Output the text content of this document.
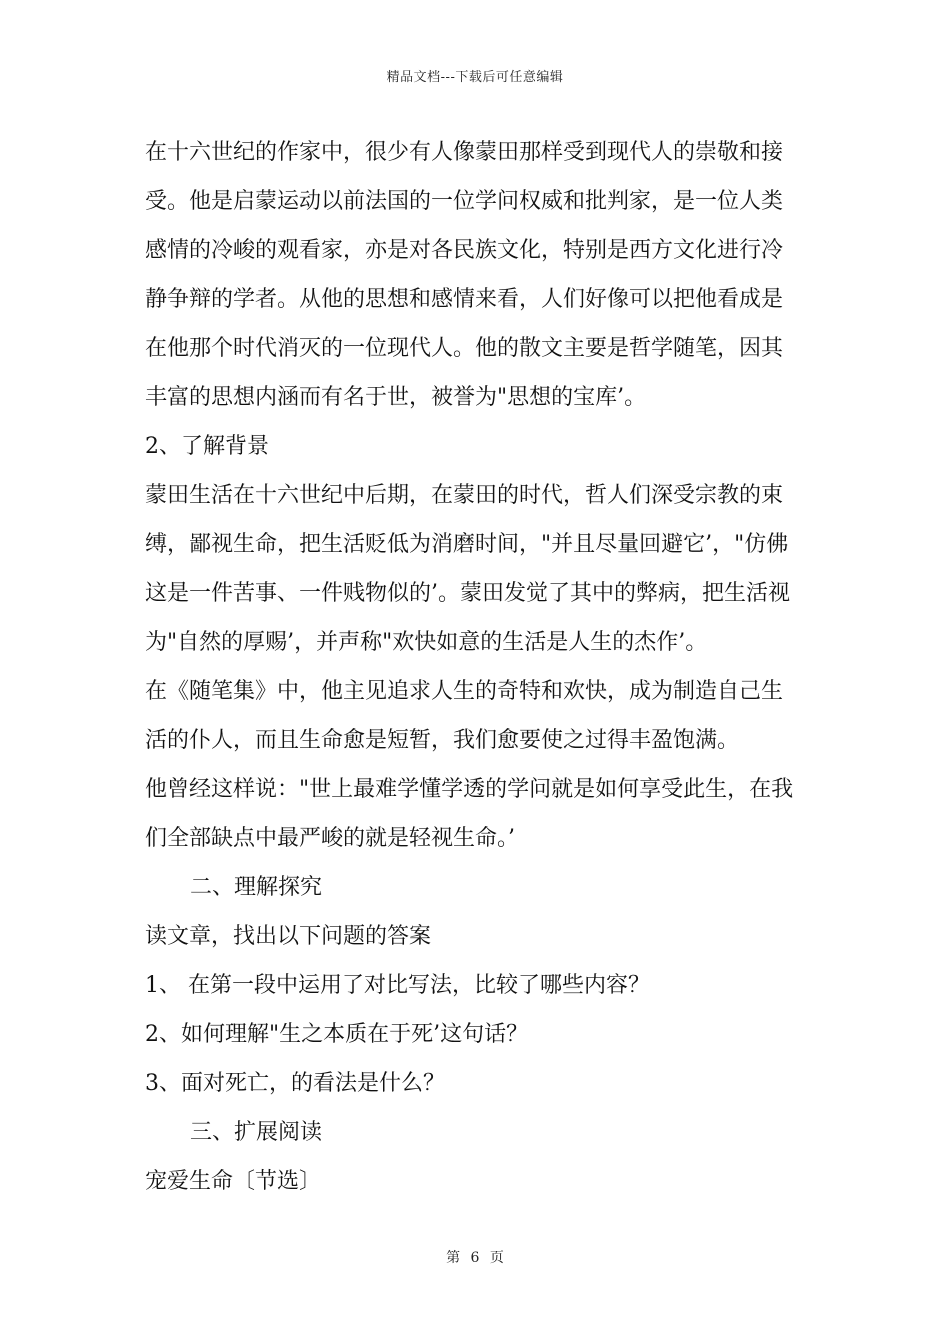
精品文档---下载后可任意编辑
在十六世纪的作家中，很少有人像蒙田那样受到现代人的崇敬和接
受。他是启蒙运动以前法国的一位学问权威和批判家，是一位人类
感情的冷峻的观看家，亦是对各民族文化，特别是西方文化进行冷
静争辩的学者。从他的思想和感情来看，人们好像可以把他看成是
在他那个时代消灭的一位现代人。他的散文主要是哲学随笔，因其
丰富的思想内涵而有名于世，被誉为"思想的宝库’。
2、了解背景
蒙田生活在十六世纪中后期，在蒙田的时代，哲人们深受宗教的束
缚，鄙视生命，把生活贬低为消磨时间，"并且尽量回避它’，"仿佛
这是一件苦事、一件贱物似的’。蒙田发觉了其中的弊病，把生活视
为"自然的厚赐’，并声称"欢快如意的生活是人生的杰作’。
在《随笔集》中，他主见追求人生的奇特和欢快，成为制造自己生
活的仆人，而且生命愈是短暂，我们愈要使之过得丰盈饱满。
他曾经这样说："世上最难学懂学透的学问就是如何享受此生，在我
们全部缺点中最严峻的就是轻视生命。’
二、理解探究
读文章，找出以下问题的答案
1、 在第一段中运用了对比写法，比较了哪些内容？
2、如何理解"生之本质在于死’这句话？
3、面对死亡，的看法是什么？
三、扩展阅读
宠爱生命〔节选〕
第 6 页
